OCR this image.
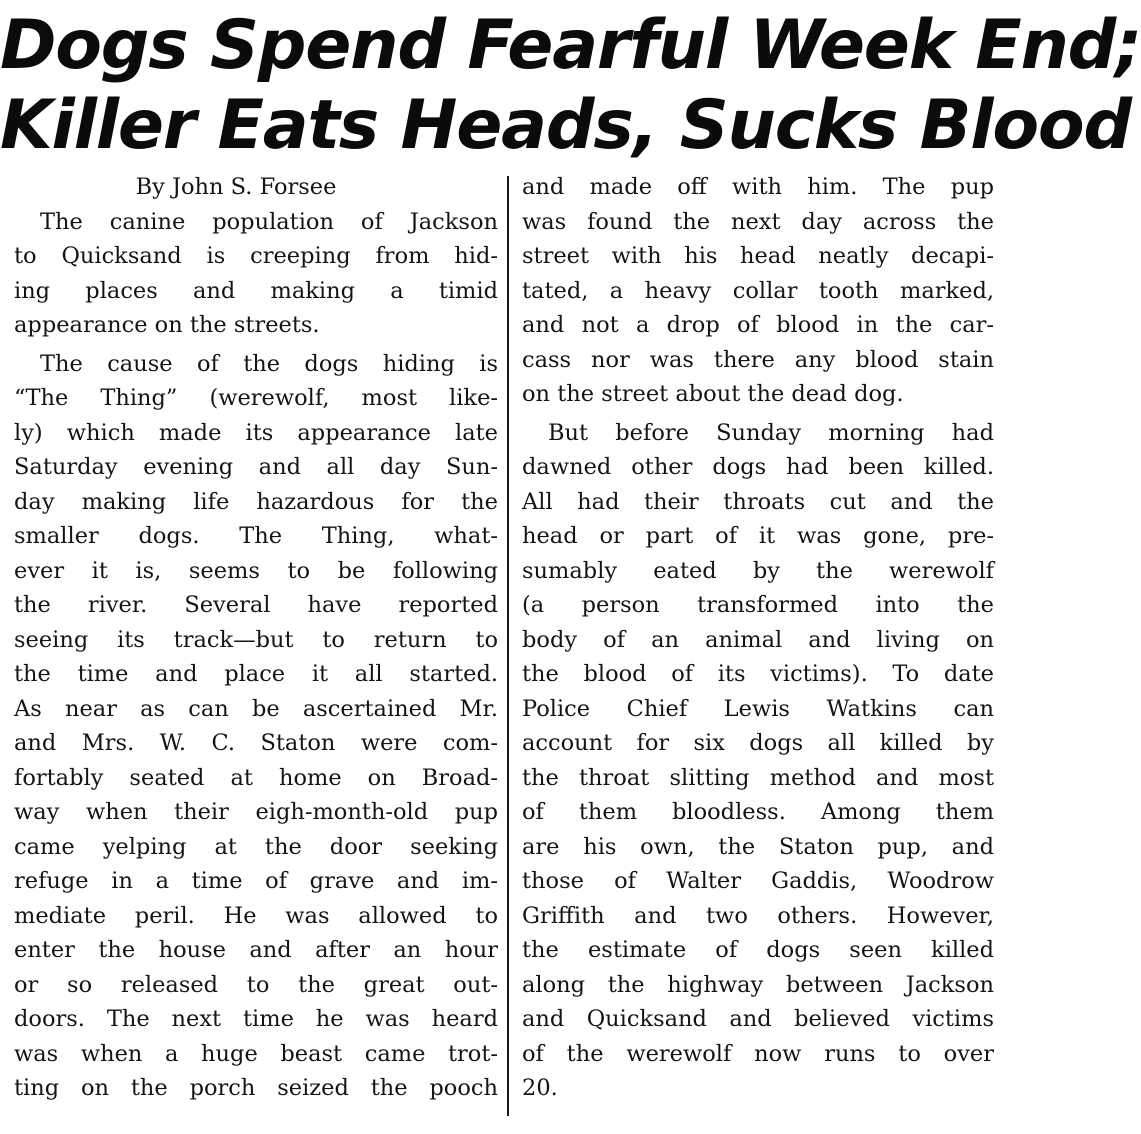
Dogs Spend Fearful Week End;
Killer Eats Heads, Sucks Blood
By John S. Forsee
The canine population of Jackson
to Quicksand is creeping from hid-
ing places and making a timid
appearance on the streets.
The cause of the dogs hiding is
“The Thing” (werewolf, most like-
ly) which made its appearance late
Saturday evening and all day Sun-
day making life hazardous for the
smaller dogs. The Thing, what-
ever it is, seems to be following
the river. Several have reported
seeing its track—but to return to
the time and place it all started.
As near as can be ascertained Mr.
and Mrs. W. C. Staton were com-
fortably seated at home on Broad-
way when their eigh-month-old pup
came yelping at the door seeking
refuge in a time of grave and im-
mediate peril. He was allowed to
enter the house and after an hour
or so released to the great out-
doors. The next time he was heard
was when a huge beast came trot-
ting on the porch seized the pooch
and made off with him. The pup
was found the next day across the
street with his head neatly decapi-
tated, a heavy collar tooth marked,
and not a drop of blood in the car-
cass nor was there any blood stain
on the street about the dead dog.
But before Sunday morning had
dawned other dogs had been killed.
All had their throats cut and the
head or part of it was gone, pre-
sumably eated by the werewolf
(a person transformed into the
body of an animal and living on
the blood of its victims). To date
Police Chief Lewis Watkins can
account for six dogs all killed by
the throat slitting method and most
of them bloodless. Among them
are his own, the Staton pup, and
those of Walter Gaddis, Woodrow
Griffith and two others. However,
the estimate of dogs seen killed
along the highway between Jackson
and Quicksand and believed victims
of the werewolf now runs to over
20.
